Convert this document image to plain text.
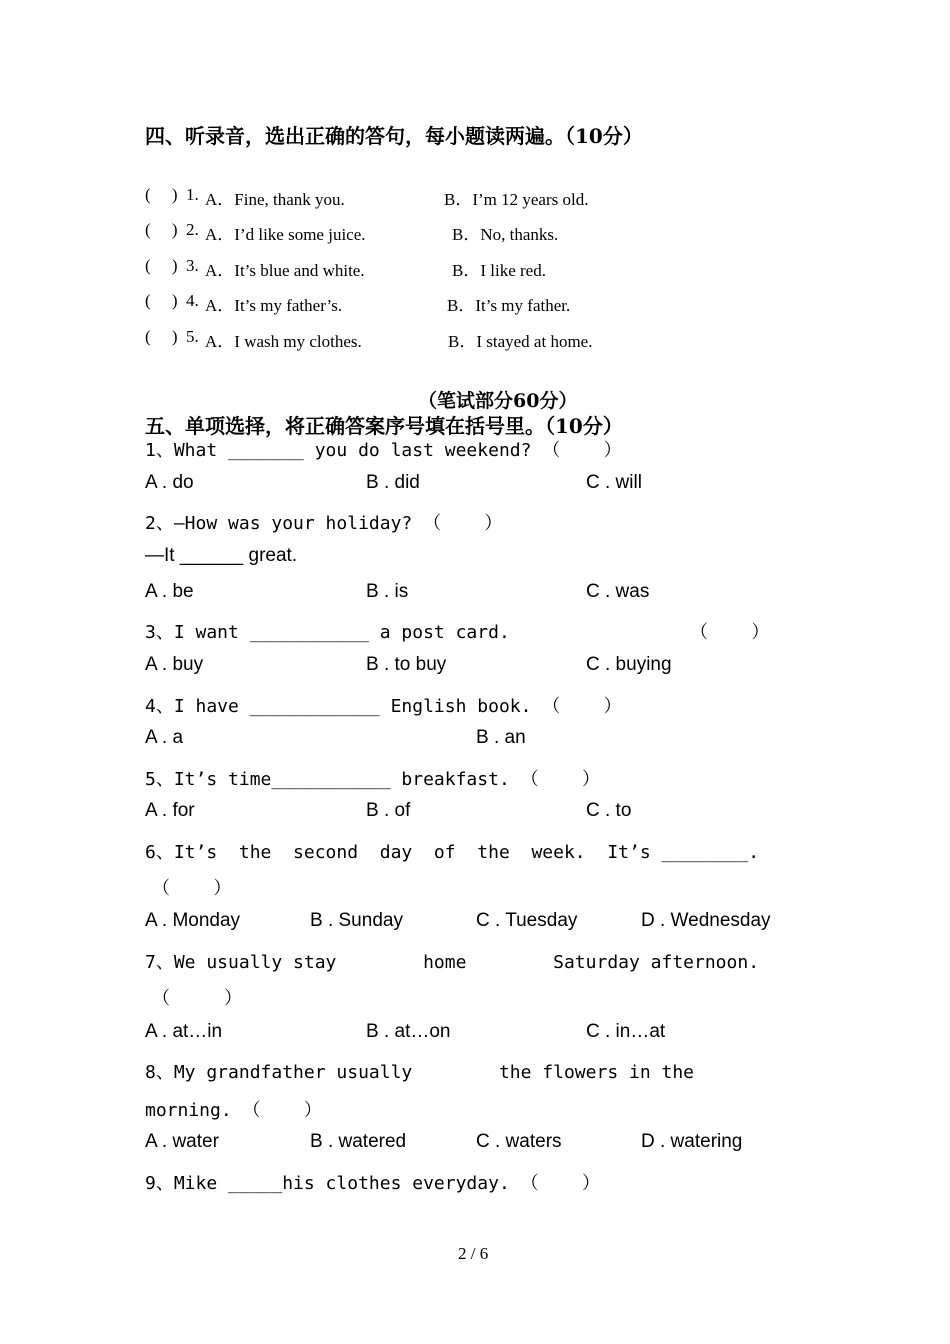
四、听录音，选出正确的答句，每小题读两遍。（10分）
(     ) 1. A．Fine, thank you.	B．I’m 12 years old.
(     ) 2. A．I’d like some juice.	B．No, thanks.
(     ) 3. A．It’s blue and white.	B．I like red.
(     ) 4. A．It’s my father’s.	B．It’s my father.
(     ) 5. A．I wash my clothes.	B．I stayed at home.
（笔试部分60分）
五、单项选择，将正确答案序号填在括号里。（10分）
1、What _______ you do last weekend? （    ）
A . do	B . did	C . will
2、—How was your holiday? （    ）
—It ______ great.
A . be	B . is	C . was
3、I want ___________ a post card.	（    ）
A . buy	B . to buy	C . buying
4、I have ____________ English book. （    ）
A . a	B . an
5、It’s time___________ breakfast. （    ）
A . for	B . of	C . to
6、It’s  the  second  day  of  the  week.  It’s ________.
（    ）
A . Monday	B . Sunday	C . Tuesday	D . Wednesday
7、We usually stay        home        Saturday afternoon.
（     ）
A . at…in	B . at…on	C . in…at
8、My grandfather usually        the flowers in the
morning. （    ）
A . water	B . watered	C . waters	D . watering
9、Mike _____his clothes everyday. （    ）
2 / 6
